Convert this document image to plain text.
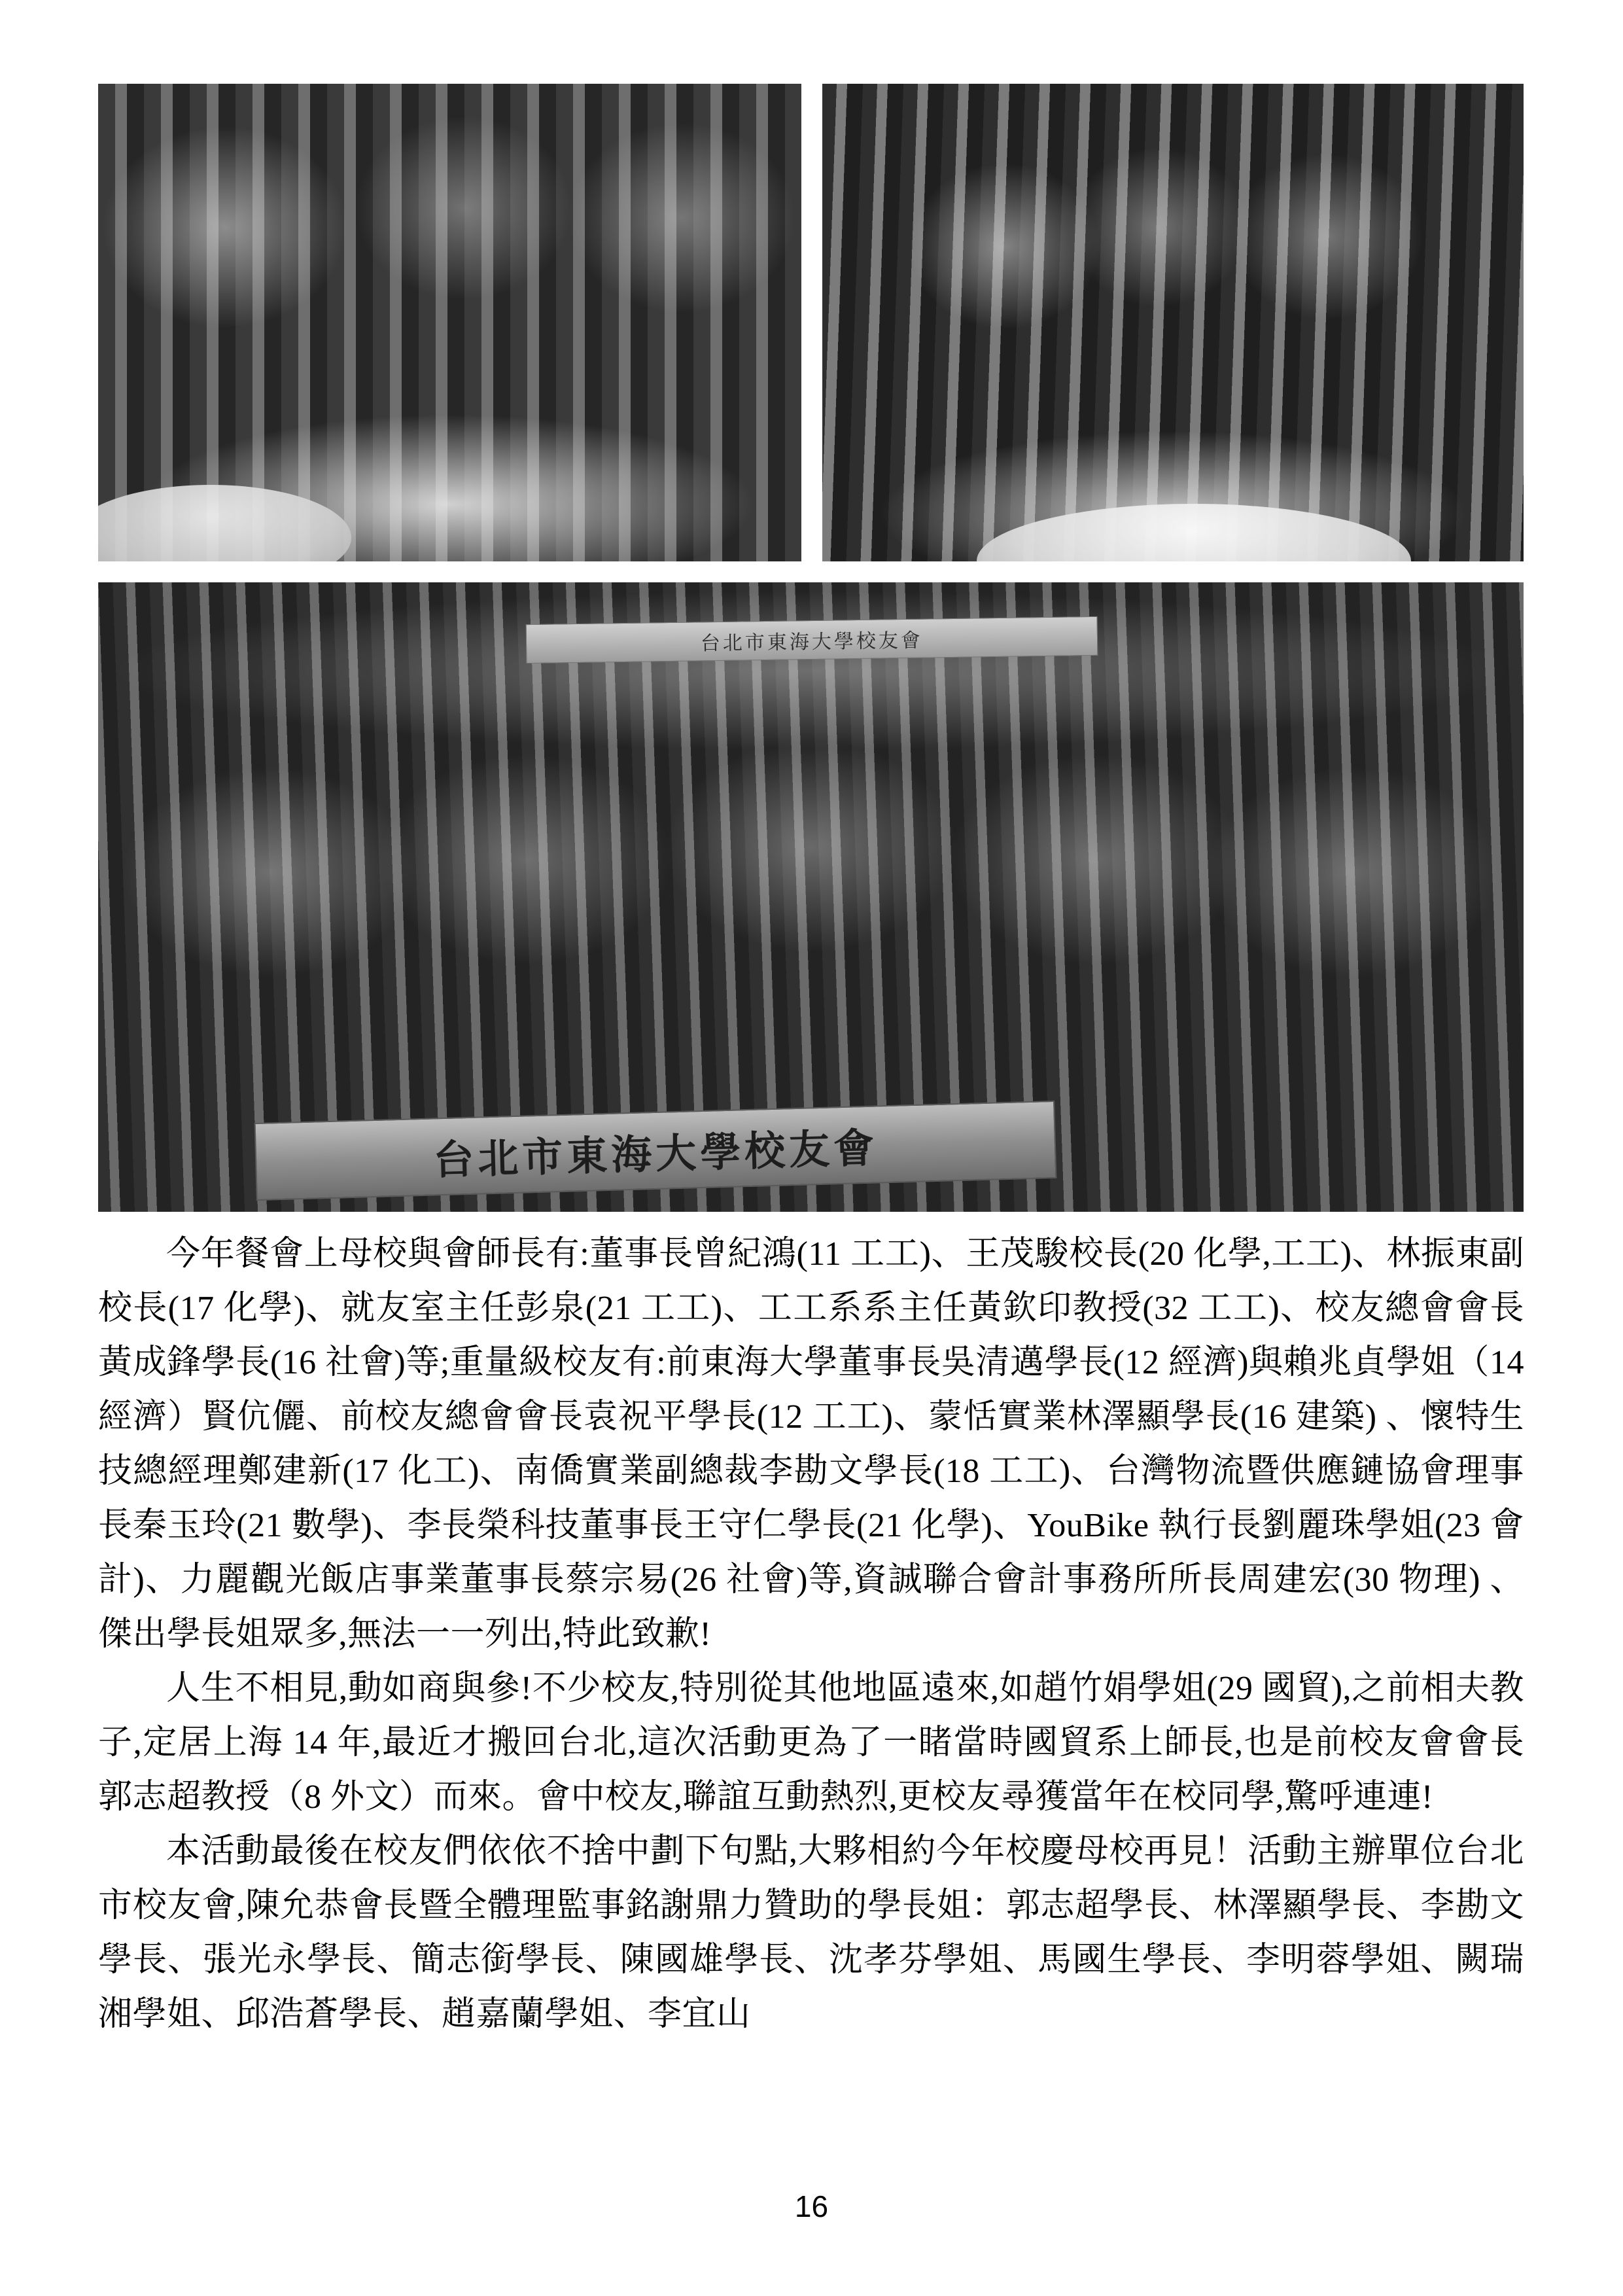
台北市東海大學校友會
台北市東海大學校友會

今年餐會上母校與會師長有:董事長曾紀鴻(11 工工)、王茂駿校長(20 化學,工工)、林振東副校長(17 化學)、就友室主任彭泉(21 工工)、工工系系主任黃欽印教授(32 工工)、校友總會會長黃成鋒學長(16 社會)等;重量級校友有:前東海大學董事長吳清邁學長(12 經濟)與賴兆貞學姐（14 經濟）賢伉儷、前校友總會會長袁祝平學長(12 工工)、蒙恬實業林澤顯學長(16 建築) 、懷特生技總經理鄭建新(17 化工)、南僑實業副總裁李勘文學長(18 工工)、台灣物流暨供應鏈協會理事長秦玉玲(21 數學)、李長榮科技董事長王守仁學長(21 化學)、YouBike 執行長劉麗珠學姐(23 會計)、力麗觀光飯店事業董事長蔡宗易(26 社會)等,資誠聯合會計事務所所長周建宏(30 物理) 、傑出學長姐眾多,無法一一列出,特此致歉!

人生不相見,動如商與參!不少校友,特別從其他地區遠來,如趙竹娟學姐(29 國貿),之前相夫教子,定居上海 14 年,最近才搬回台北,這次活動更為了一睹當時國貿系上師長,也是前校友會會長郭志超教授（8 外文）而來。會中校友,聯誼互動熱烈,更校友尋獲當年在校同學,驚呼連連!

本活動最後在校友們依依不捨中劃下句點,大夥相約今年校慶母校再見！活動主辦單位台北市校友會,陳允恭會長暨全體理監事銘謝鼎力贊助的學長姐：郭志超學長、林澤顯學長、李勘文學長、張光永學長、簡志銜學長、陳國雄學長、沈孝芬學姐、馬國生學長、李明蓉學姐、闕瑞湘學姐、邱浩蒼學長、趙嘉蘭學姐、李宜山

16
